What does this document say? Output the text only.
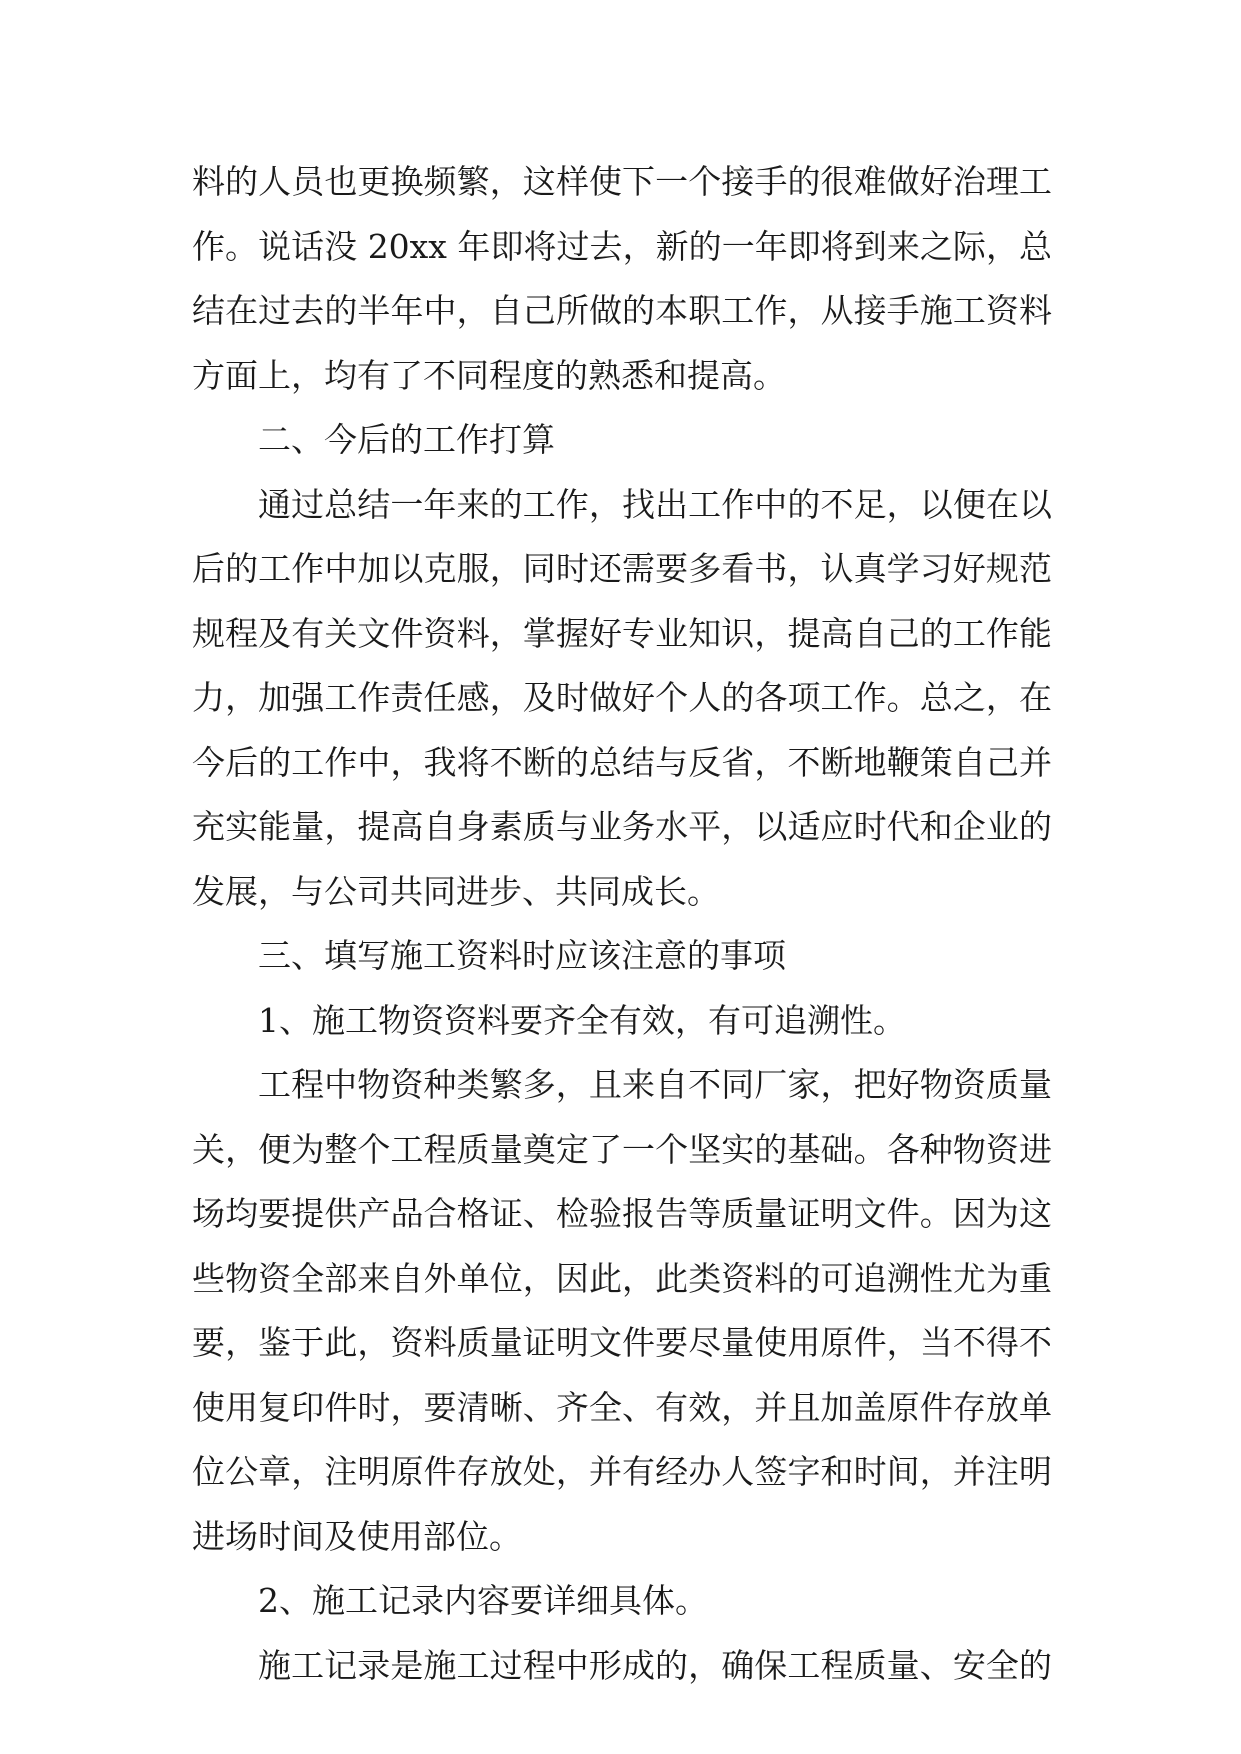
料的人员也更换频繁，这样使下一个接手的很难做好治理工
作。说话没 20xx 年即将过去，新的一年即将到来之际，总
结在过去的半年中，自己所做的本职工作，从接手施工资料
方面上，均有了不同程度的熟悉和提高。
二、今后的工作打算
通过总结一年来的工作，找出工作中的不足，以便在以
后的工作中加以克服，同时还需要多看书，认真学习好规范
规程及有关文件资料，掌握好专业知识，提高自己的工作能
力，加强工作责任感，及时做好个人的各项工作。总之，在
今后的工作中，我将不断的总结与反省，不断地鞭策自己并
充实能量，提高自身素质与业务水平，以适应时代和企业的
发展，与公司共同进步、共同成长。
三、填写施工资料时应该注意的事项
1、施工物资资料要齐全有效，有可追溯性。
工程中物资种类繁多，且来自不同厂家，把好物资质量
关，便为整个工程质量奠定了一个坚实的基础。各种物资进
场均要提供产品合格证、检验报告等质量证明文件。因为这
些物资全部来自外单位，因此，此类资料的可追溯性尤为重
要，鉴于此，资料质量证明文件要尽量使用原件，当不得不
使用复印件时，要清晰、齐全、有效，并且加盖原件存放单
位公章，注明原件存放处，并有经办人签字和时间，并注明
进场时间及使用部位。
2、施工记录内容要详细具体。
施工记录是施工过程中形成的，确保工程质量、安全的
